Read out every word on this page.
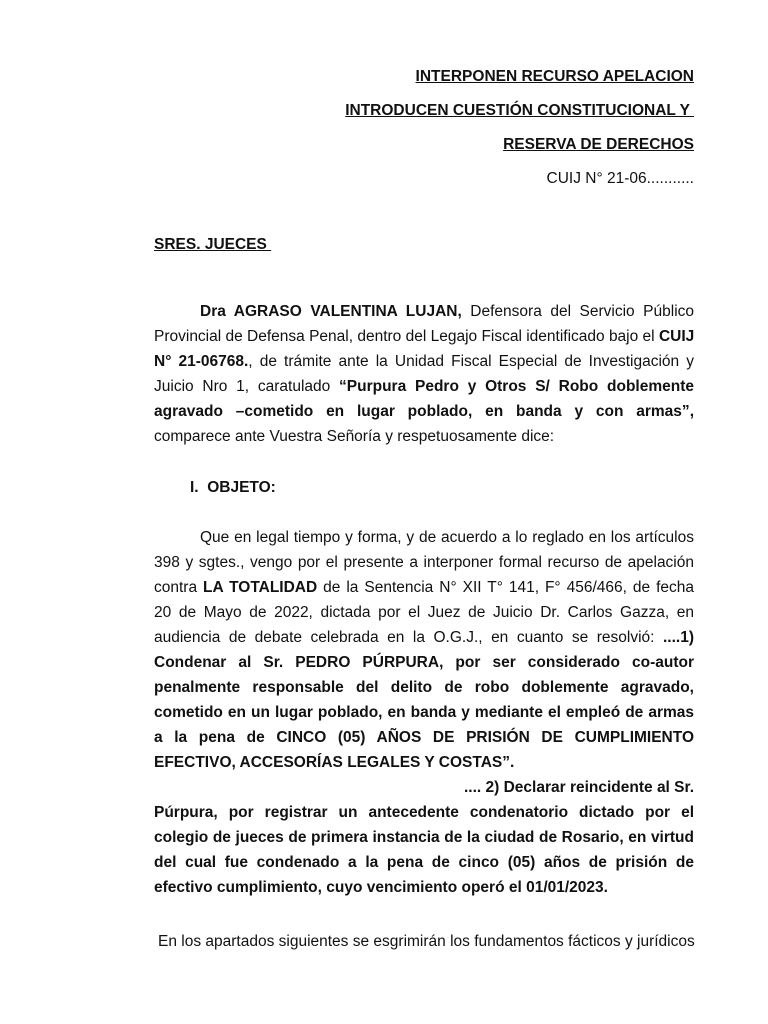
INTERPONEN RECURSO APELACION
INTRODUCEN CUESTIÓN CONSTITUCIONAL Y
RESERVA DE DERECHOS
CUIJ N° 21-06...........
SRES. JUECES
Dra AGRASO VALENTINA LUJAN, Defensora del Servicio Público
Provincial de Defensa Penal, dentro del Legajo Fiscal identificado bajo el CUIJ
N° 21-06768., de trámite ante la Unidad Fiscal Especial de Investigación y
Juicio Nro 1, caratulado “Purpura Pedro y Otros S/ Robo doblemente
agravado –cometido en lugar poblado, en banda y con armas”,
comparece ante Vuestra Señoría y respetuosamente dice:
I.  OBJETO:
Que en legal tiempo y forma, y de acuerdo a lo reglado en los artículos
398 y sgtes., vengo por el presente a interponer formal recurso de apelación
contra LA TOTALIDAD de la Sentencia N° XII T° 141, F° 456/466, de fecha
20 de Mayo de 2022, dictada por el Juez de Juicio Dr. Carlos Gazza, en
audiencia de debate celebrada en la O.G.J., en cuanto se resolvió: ....1)
Condenar al Sr. PEDRO PÚRPURA, por ser considerado co-autor
penalmente responsable del delito de robo doblemente agravado,
cometido en un lugar poblado, en banda y mediante el empleó de armas
a la pena de CINCO (05) AÑOS DE PRISIÓN DE CUMPLIMIENTO
EFECTIVO, ACCESORÍAS LEGALES Y COSTAS”.
.... 2) Declarar reincidente al Sr.
Púrpura, por registrar un antecedente condenatorio dictado por el
colegio de jueces de primera instancia de la ciudad de Rosario, en virtud
del cual fue condenado a la pena de cinco (05) años de prisión de
efectivo cumplimiento, cuyo vencimiento operó el 01/01/2023.
En los apartados siguientes se esgrimirán los fundamentos fácticos y jurídicos
